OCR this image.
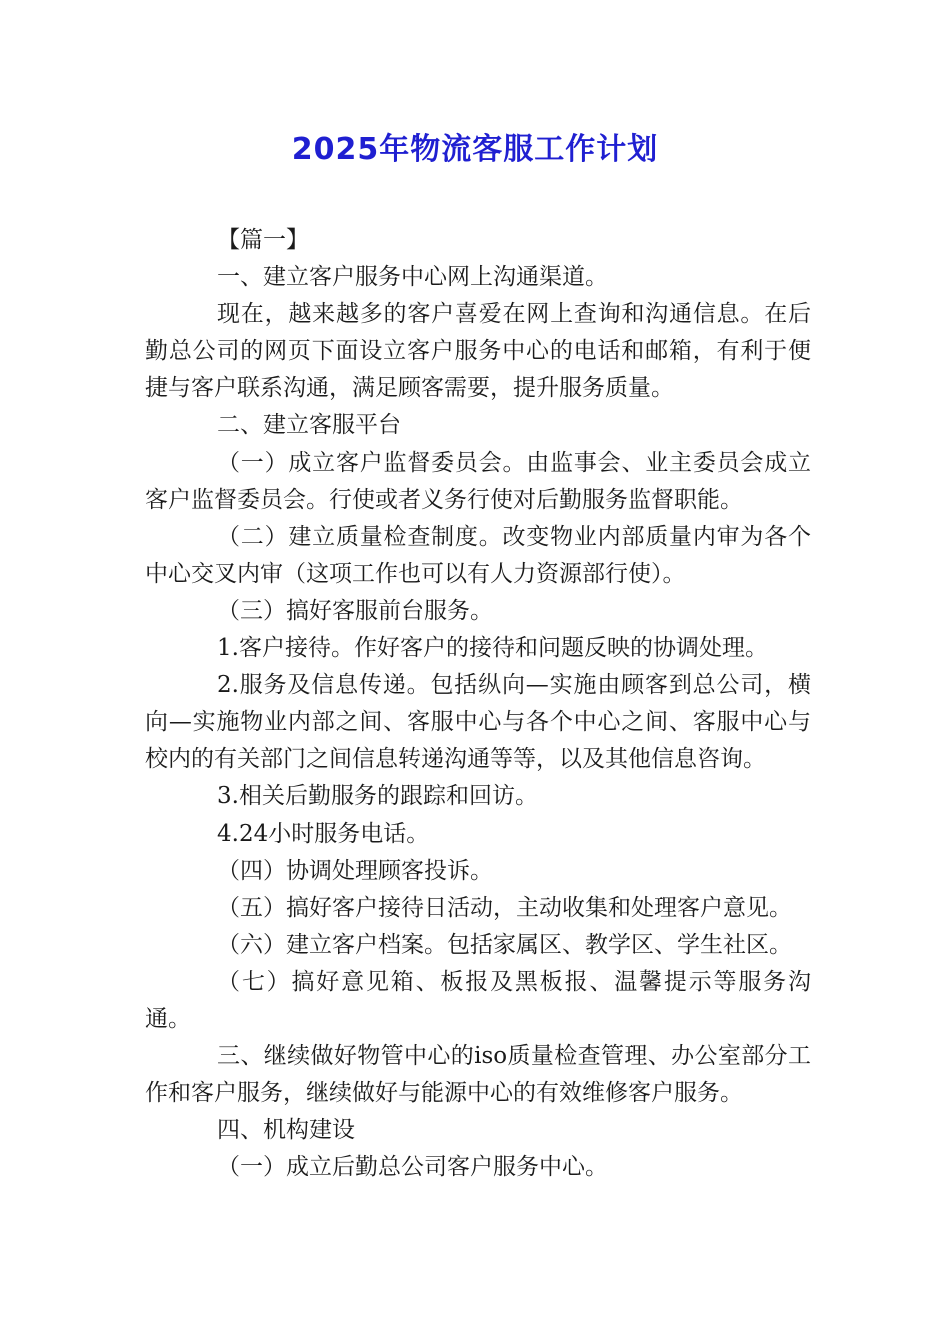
2025年物流客服工作计划

【篇一】

一、建立客户服务中心网上沟通渠道。

现在，越来越多的客户喜爱在网上查询和沟通信息。在后勤总公司的网页下面设立客户服务中心的电话和邮箱，有利于便捷与客户联系沟通，满足顾客需要，提升服务质量。

二、建立客服平台

（一）成立客户监督委员会。由监事会、业主委员会成立客户监督委员会。行使或者义务行使对后勤服务监督职能。

（二）建立质量检查制度。改变物业内部质量内审为各个中心交叉内审（这项工作也可以有人力资源部行使）。

（三）搞好客服前台服务。

1.客户接待。作好客户的接待和问题反映的协调处理。

2.服务及信息传递。包括纵向—实施由顾客到总公司，横向—实施物业内部之间、客服中心与各个中心之间、客服中心与校内的有关部门之间信息转递沟通等等，以及其他信息咨询。

3.相关后勤服务的跟踪和回访。

4.24小时服务电话。

（四）协调处理顾客投诉。

（五）搞好客户接待日活动，主动收集和处理客户意见。

（六）建立客户档案。包括家属区、教学区、学生社区。

（七）搞好意见箱、板报及黑板报、温馨提示等服务沟通。

三、继续做好物管中心的iso质量检查管理、办公室部分工作和客户服务，继续做好与能源中心的有效维修客户服务。

四、机构建设

（一）成立后勤总公司客户服务中心。
